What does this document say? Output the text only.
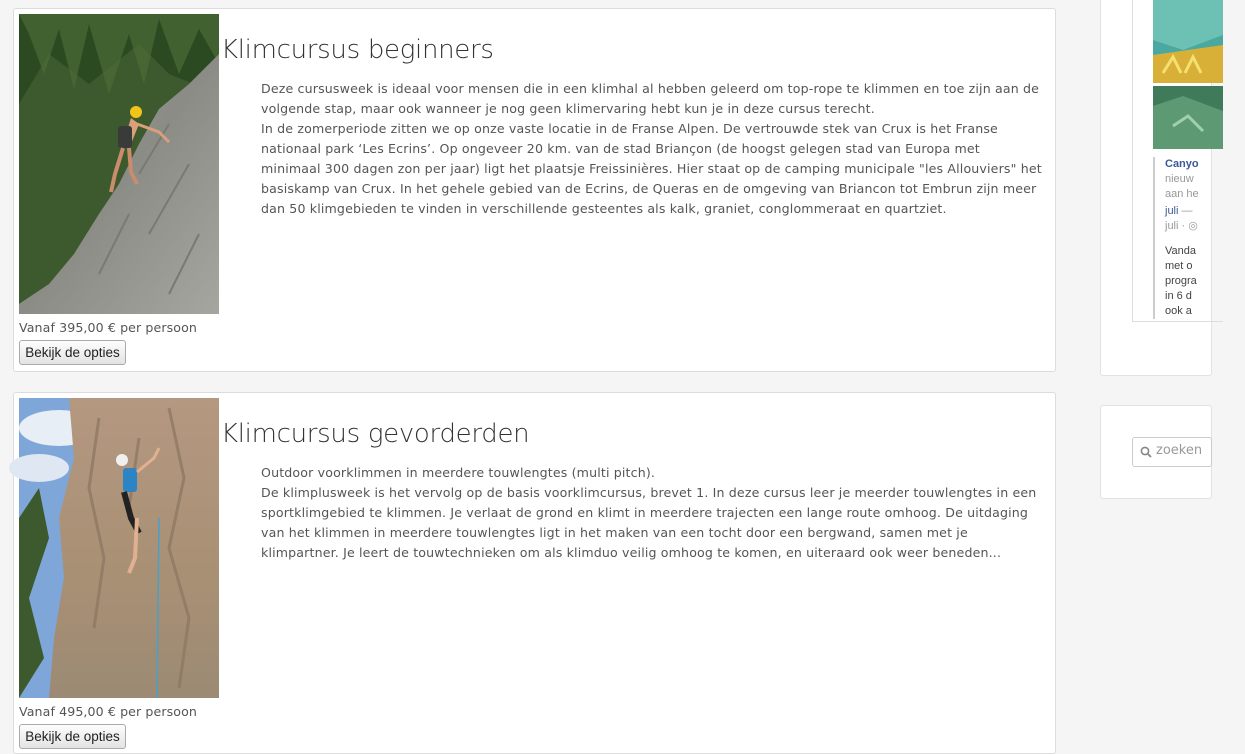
Klimcursus beginners

Deze cursusweek is ideaal voor mensen die in een klimhal al hebben geleerd om top-rope te klimmen en toe zijn aan de volgende stap, maar ook wanneer je nog geen klimervaring hebt kun je in deze cursus terecht.

In de zomerperiode zitten we op onze vaste locatie in de Franse Alpen. De vertrouwde stek van Crux is het Franse nationaal park ‘Les Ecrins’. Op ongeveer 20 km. van de stad Briançon (de hoogst gelegen stad van Europa met minimaal 300 dagen zon per jaar) ligt het plaatsje Freissinières. Hier staat op de camping municipale "les Allouviers" het basiskamp van Crux. In het gehele gebied van de Ecrins, de Queras en de omgeving van Briancon tot Embrun zijn meer dan 50 klimgebieden te vinden in verschillende gesteentes als kalk, graniet, conglommeraat en quartziet.

Vanaf 395,00 € per persoon
Bekijk de opties
Klimcursus gevorderden

Outdoor voorklimmen in meerdere touwlengtes (multi pitch).

De klimplusweek is het vervolg op de basis voorklimcursus, brevet 1. In deze cursus leer je meerder touwlengtes in een sportklimgebied te klimmen. Je verlaat de grond en klimt in meerdere trajecten een lange route omhoog. De uitdaging van het klimmen in meerdere touwlengtes ligt in het maken van een tocht door een bergwand, samen met je klimpartner. Je leert de touwtechnieken om als klimduo veilig omhoog te komen, en uiteraard ook weer beneden...

Vanaf 495,00 € per persoon
Bekijk de opties
Canyo
nieuw
aan he
juli —
juli · ◎
Vanda
met o
progra
in 6 d
ook a
zoeken
